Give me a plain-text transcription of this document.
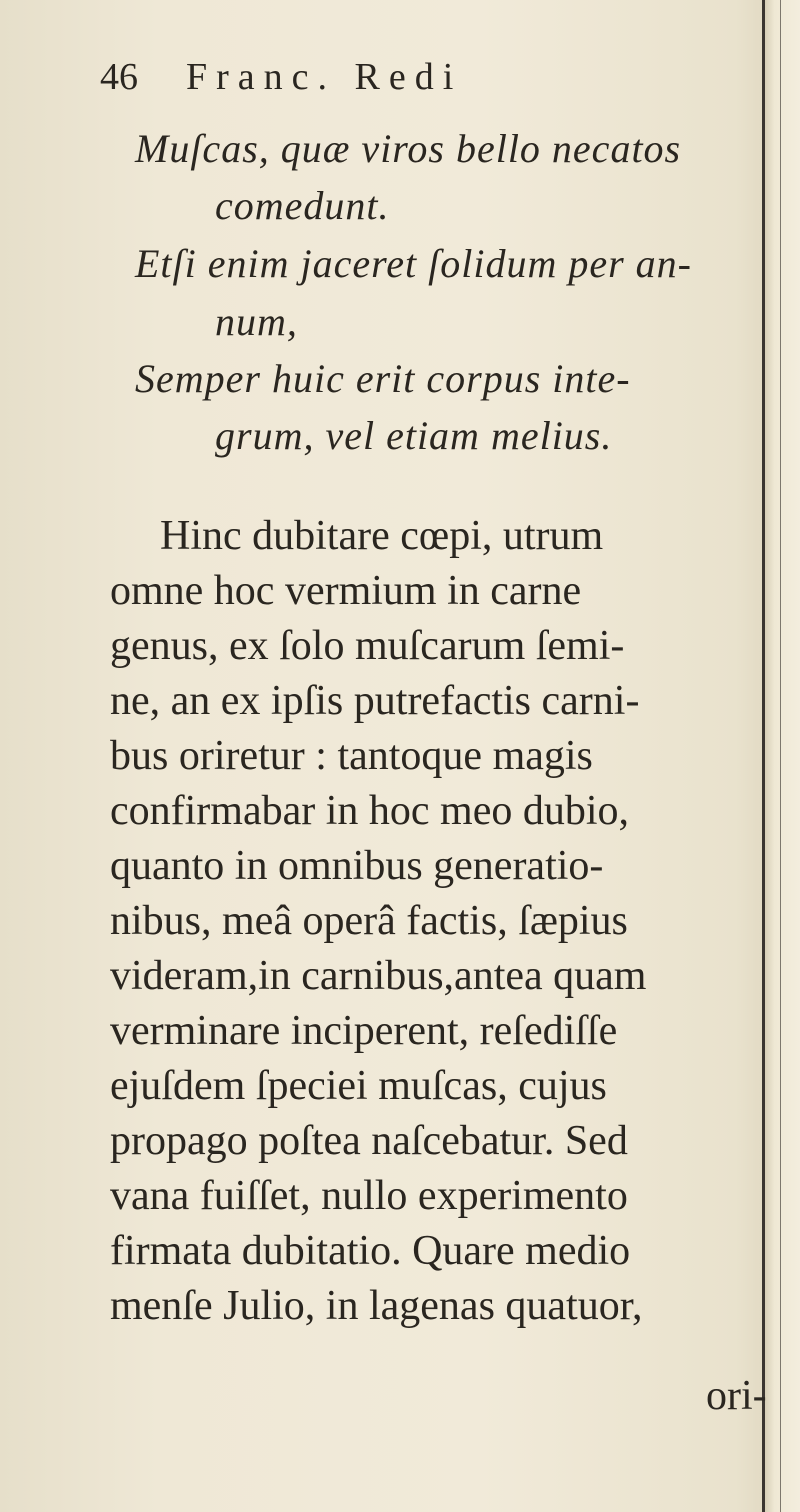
46 Franc. Redi
Muſcas, quæ viros bello necatos
comedunt.
Etſi enim jaceret ſolidum per an-
num,
Semper huic erit corpus inte-
grum, vel etiam melius.
Hinc dubitare cœpi, utrum
omne hoc vermium in carne
genus, ex ſolo muſcarum ſemi-
ne, an ex ipſis putrefactis carni-
bus oriretur : tantoque magis
confirmabar in hoc meo dubio,
quanto in omnibus generatio-
nibus, meâ operâ factis, ſæpius
videram,in carnibus,antea quam
verminare inciperent, reſediſſe
ejuſdem ſpeciei muſcas, cujus
propago poſtea naſcebatur. Sed
vana fuiſſet, nullo experimento
firmata dubitatio. Quare medio
menſe Julio, in lagenas quatuor,
ori-
